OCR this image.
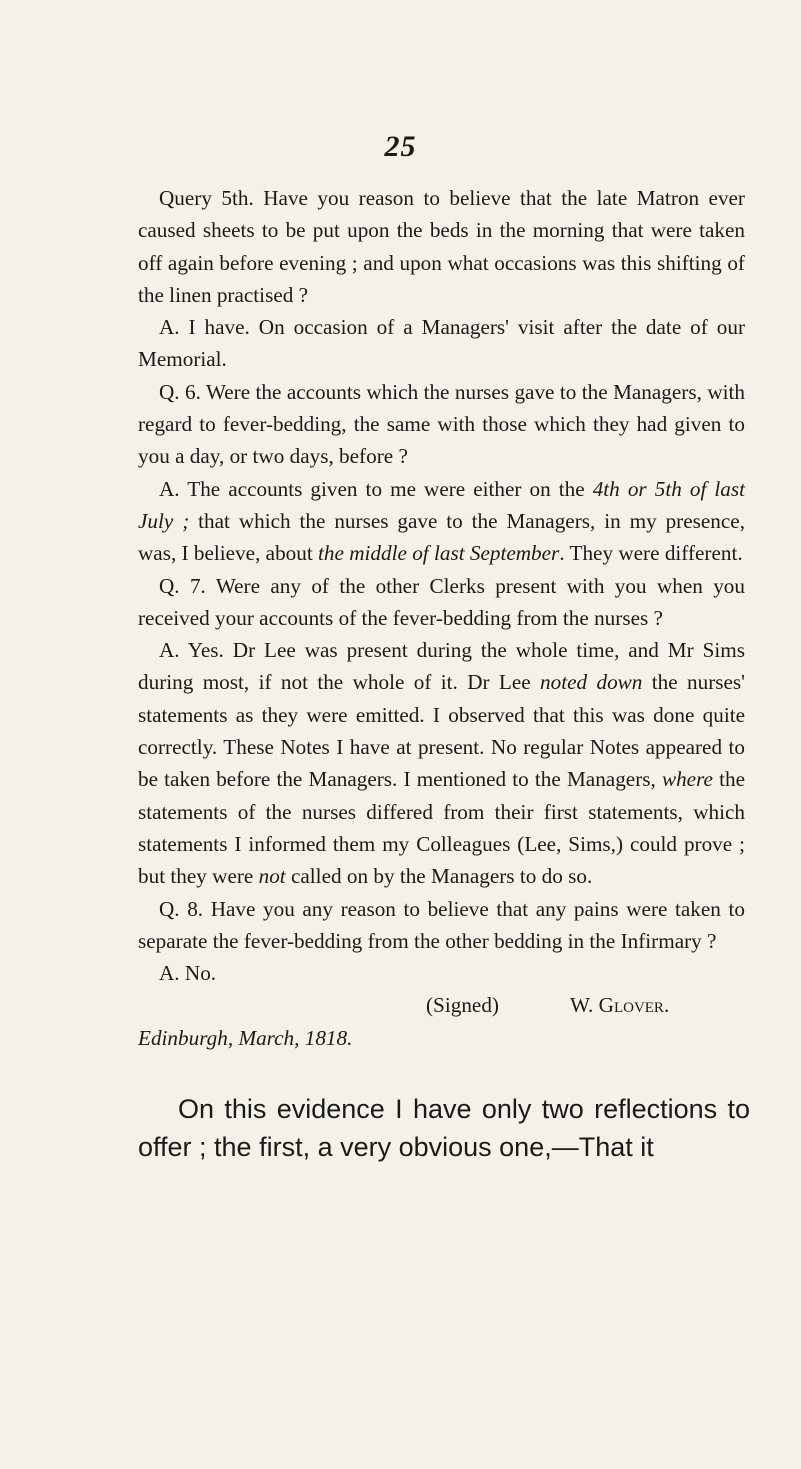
25

Query 5th. Have you reason to believe that the late Matron ever caused sheets to be put upon the beds in the morning that were taken off again before evening ; and upon what occasions was this shifting of the linen practised ?

A. I have. On occasion of a Managers' visit after the date of our Memorial.

Q. 6. Were the accounts which the nurses gave to the Managers, with regard to fever-bedding, the same with those which they had given to you a day, or two days, before ?

A. The accounts given to me were either on the 4th or 5th of last July ; that which the nurses gave to the Managers, in my presence, was, I believe, about the middle of last September. They were different.

Q. 7. Were any of the other Clerks present with you when you received your accounts of the fever-bedding from the nurses ?

A. Yes. Dr Lee was present during the whole time, and Mr Sims during most, if not the whole of it. Dr Lee noted down the nurses' statements as they were emitted. I observed that this was done quite correctly. These Notes I have at present. No regular Notes appeared to be taken before the Managers. I mentioned to the Managers, where the statements of the nurses differed from their first statements, which statements I informed them my Colleagues (Lee, Sims,) could prove ; but they were not called on by the Managers to do so.

Q. 8. Have you any reason to believe that any pains were taken to separate the fever-bedding from the other bedding in the Infirmary ?

A. No.

(Signed)	W. Glover.

Edinburgh, March, 1818.

On this evidence I have only two reflections to offer ; the first, a very obvious one,—That it
